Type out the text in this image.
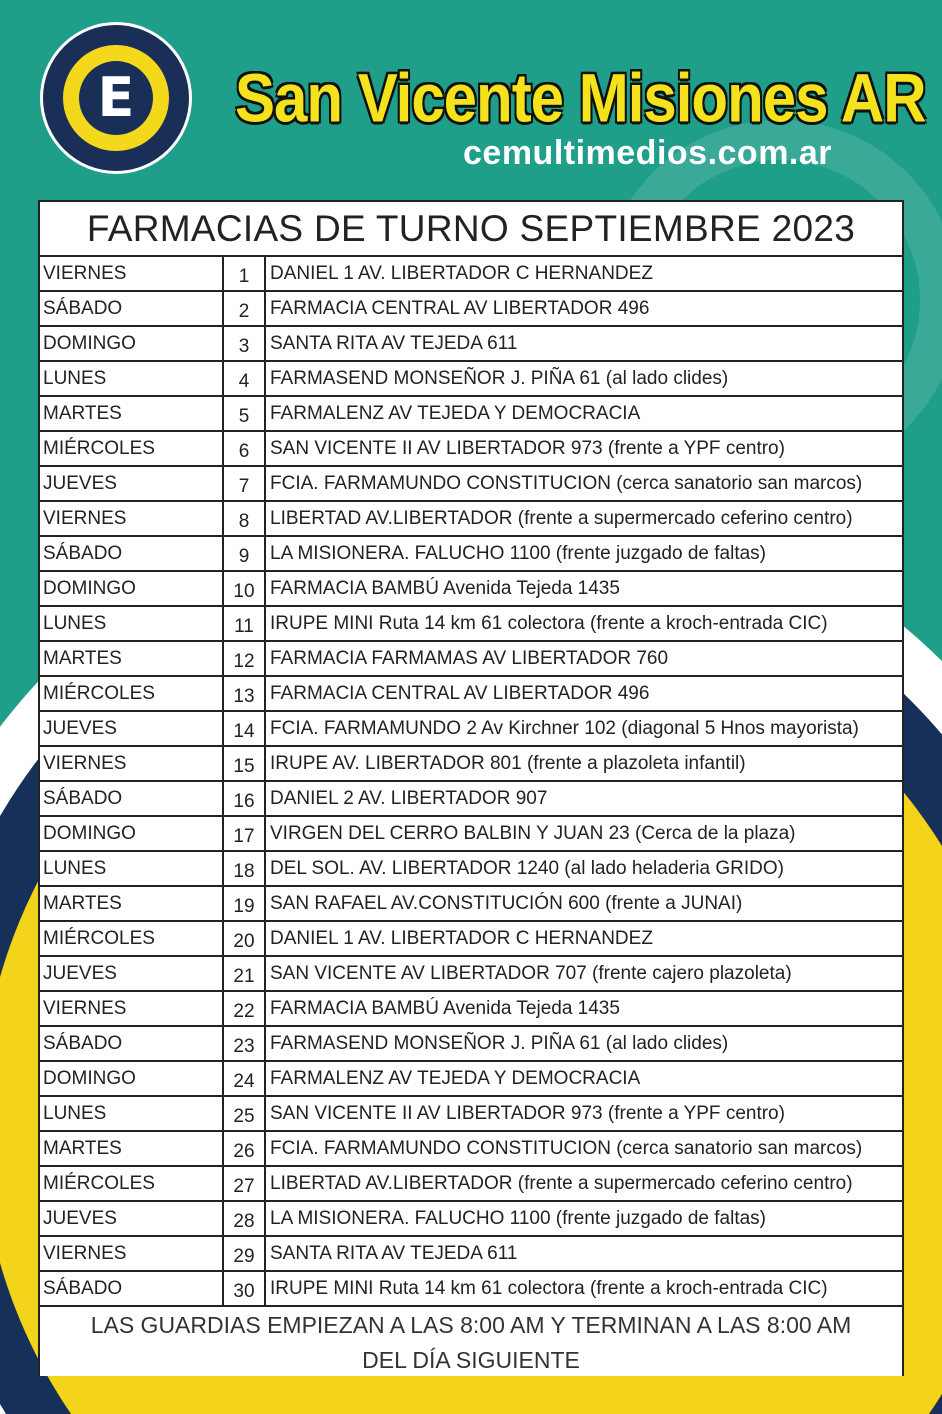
E San Vicente Misiones AR
cemultimedios.com.ar
FARMACIAS DE TURNO SEPTIEMBRE 2023
VIERNES	1	DANIEL 1 AV. LIBERTADOR C HERNANDEZ
SÁBADO	2	FARMACIA CENTRAL AV LIBERTADOR 496
DOMINGO	3	SANTA RITA AV TEJEDA 611
LUNES	4	FARMASEND MONSEÑOR J. PIÑA 61 (al lado clides)
MARTES	5	FARMALENZ AV TEJEDA Y DEMOCRACIA
MIÉRCOLES	6	SAN VICENTE II AV LIBERTADOR 973 (frente a YPF centro)
JUEVES	7	FCIA. FARMAMUNDO CONSTITUCION (cerca sanatorio san marcos)
VIERNES	8	LIBERTAD AV.LIBERTADOR (frente a supermercado ceferino centro)
SÁBADO	9	LA MISIONERA. FALUCHO 1100 (frente juzgado de faltas)
DOMINGO	10 FARMACIA BAMBÚ Avenida Tejeda 1435
LUNES	11 IRUPE MINI Ruta 14 km 61 colectora (frente a kroch-entrada CIC)
MARTES	12 FARMACIA FARMAMAS AV LIBERTADOR 760
MIÉRCOLES	13 FARMACIA CENTRAL AV LIBERTADOR 496
JUEVES	14 FCIA. FARMAMUNDO 2 Av Kirchner 102 (diagonal 5 Hnos mayorista)
VIERNES	15 IRUPE AV. LIBERTADOR 801 (frente a plazoleta infantil)
SÁBADO	16 DANIEL 2 AV. LIBERTADOR 907
DOMINGO	17 VIRGEN DEL CERRO BALBIN Y JUAN 23 (Cerca de la plaza)
LUNES	18 DEL SOL. AV. LIBERTADOR 1240 (al lado heladeria GRIDO)
MARTES	19 SAN RAFAEL AV.CONSTITUCIÓN 600 (frente a JUNAI)
MIÉRCOLES	20 DANIEL 1 AV. LIBERTADOR C HERNANDEZ
JUEVES	21 SAN VICENTE AV LIBERTADOR 707 (frente cajero plazoleta)
VIERNES	22 FARMACIA BAMBÚ Avenida Tejeda 1435
SÁBADO	23 FARMASEND MONSEÑOR J. PIÑA 61 (al lado clides)
DOMINGO	24 FARMALENZ AV TEJEDA Y DEMOCRACIA
LUNES	25 SAN VICENTE II AV LIBERTADOR 973 (frente a YPF centro)
MARTES	26 FCIA. FARMAMUNDO CONSTITUCION (cerca sanatorio san marcos)
MIÉRCOLES	27 LIBERTAD AV.LIBERTADOR (frente a supermercado ceferino centro)
JUEVES	28 LA MISIONERA. FALUCHO 1100 (frente juzgado de faltas)
VIERNES	29 SANTA RITA AV TEJEDA 611
SÁBADO	30 IRUPE MINI Ruta 14 km 61 colectora (frente a kroch-entrada CIC)
LAS GUARDIAS EMPIEZAN A LAS 8:00 AM Y TERMINAN A LAS 8:00 AM
DEL DÍA SIGUIENTE
